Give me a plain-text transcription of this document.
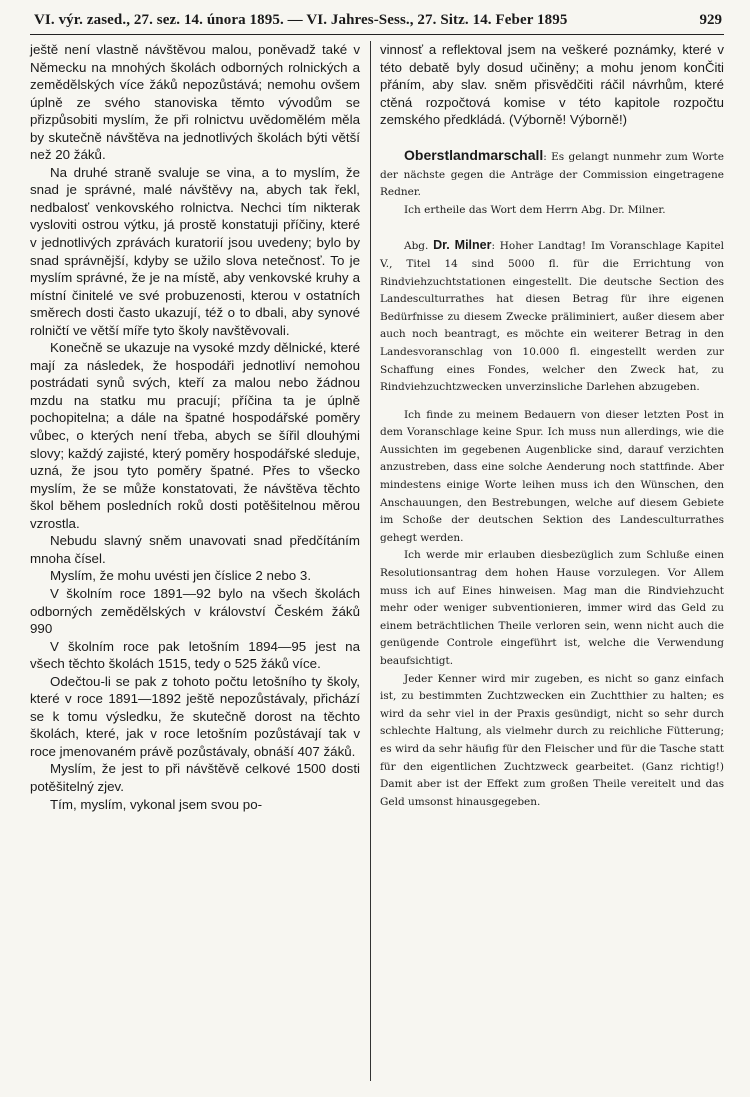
VI. výr. zased., 27. sez. 14. února 1895. — VI. Jahres-Sess., 27. Sitz. 14. Feber 1895	929

ještě není vlastně návštěvou malou, poněvadž také v Německu na mnohých školách odborných rolnických a zemědělských více žáků nepozůstává; nemohu ovšem úplně ze svého stanoviska těmto vývodům se přizpůsobiti myslím, že při rolnictvu uvědomělém měla by skutečně návštěva na jednotlivých školách býti větší než 20 žáků.

Na druhé straně svaluje se vina, a to myslím, že snad je správné, malé návštěvy na, abych tak řekl, nedbalosť venkovského rolnictva. Nechci tím nikterak vysloviti ostrou výtku, já prostě konstatuji příčiny, které v jednotlivých zprávách kuratorií jsou uvedeny; bylo by snad správnější, kdyby se užilo slova netečnosť. To je myslím správné, že je na místě, aby venkovské kruhy a místní činitelé ve své probuzenosti, kterou v ostatních směrech dosti často ukazují, též o to dbali, aby synové rolničtí ve větší míře tyto školy navštěvovali.

Konečně se ukazuje na vysoké mzdy dělnické, které mají za následek, že hospodáři jednotliví nemohou postrádati synů svých, kteří za malou nebo žádnou mzdu na statku mu pracují; příčina ta je úplně pochopitelna; a dále na špatné hospodářské poměry vůbec, o kterých není třeba, abych se šířil dlouhými slovy; každý zajisté, který poměry hospodářské sleduje, uzná, že jsou tyto poměry špatné. Přes to všecko myslím, že se může konstatovati, že návštěva těchto škol během posledních roků dosti potěšitelnou měrou vzrostla.

Nebudu slavný sněm unavovati snad předčítáním mnoha čísel.

Myslím, že mohu uvésti jen číslice 2 nebo 3.

V školním roce 1891—92 bylo na všech školách odborných zemědělských v království Českém žáků 990

V školním roce pak letošním 1894—95 jest na všech těchto školách 1515, tedy o 525 žáků více.

Odečtou-li se pak z tohoto počtu letošního ty školy, které v roce 1891—1892 ještě nepozůstávaly, přichází se k tomu výsledku, že skutečně dorost na těchto školách, které, jak v roce letošním pozůstávají tak v roce jmenovaném právě pozůstávaly, obnáší 407 žáků.

Myslím, že jest to při návštěvě celkové 1500 dosti potěšitelný zjev.

Tím, myslím, vykonal jsem svou po-

vinnosť a reflektoval jsem na veškeré poznámky, které v této debatě byly dosud učiněny; a mohu jenom konČiti přáním, aby slav. sněm přisvědčiti ráčil návrhům, které ctěná rozpočtová komise v této kapitole rozpočtu zemského předkládá. (Výborně! Výborně!)

Oberstlandmarschall: Es gelangt nunmehr zum Worte der nächste gegen die Anträge der Commission eingetragene Redner.

Ich ertheile das Wort dem Herrn Abg. Dr. Milner.

Abg. Dr. Milner: Hoher Landtag! Im Voranschlage Kapitel V., Titel 14 sind 5000 fl. für die Errichtung von Rindviehzuchtstationen eingestellt. Die deutsche Section des Landesculturrathes hat diesen Betrag für ihre eigenen Bedürfnisse zu diesem Zwecke präliminiert, außer diesem aber auch noch beantragt, es möchte ein weiterer Betrag in den Landesvoranschlag von 10.000 fl. eingestellt werden zur Schaffung eines Fondes, welcher den Zweck hat, zu Rindviehzuchtzwecken unverzinsliche Darlehen abzugeben.

Ich finde zu meinem Bedauern von dieser letzten Post in dem Voranschlage keine Spur. Ich muss nun allerdings, wie die Aussichten im gegebenen Augenblicke sind, darauf verzichten anzustreben, dass eine solche Aenderung noch stattfinde. Aber mindestens einige Worte leihen muss ich den Wünschen, den Anschauungen, den Bestrebungen, welche auf diesem Gebiete im Schoße der deutschen Sektion des Landesculturrathes gehegt werden.

Ich werde mir erlauben diesbezüglich zum Schluße einen Resolutionsantrag dem hohen Hause vorzulegen. Vor Allem muss ich auf Eines hinweisen. Mag man die Rindviehzucht mehr oder weniger subventionieren, immer wird das Geld zu einem beträchtlichen Theile verloren sein, wenn nicht auch die genügende Controle eingeführt ist, welche die Verwendung beaufsichtigt.

Jeder Kenner wird mir zugeben, es nicht so ganz einfach ist, zu bestimmten Zuchtzwecken ein Zuchtthier zu halten; es wird da sehr viel in der Praxis gesündigt, nicht so sehr durch schlechte Haltung, als vielmehr durch zu reichliche Fütterung; es wird da sehr häufig für den Fleischer und für die Tasche statt für den eigentlichen Zuchtzweck gearbeitet. (Ganz richtig!) Damit aber ist der Effekt zum großen Theile vereitelt und das Geld umsonst hinausgegeben.
